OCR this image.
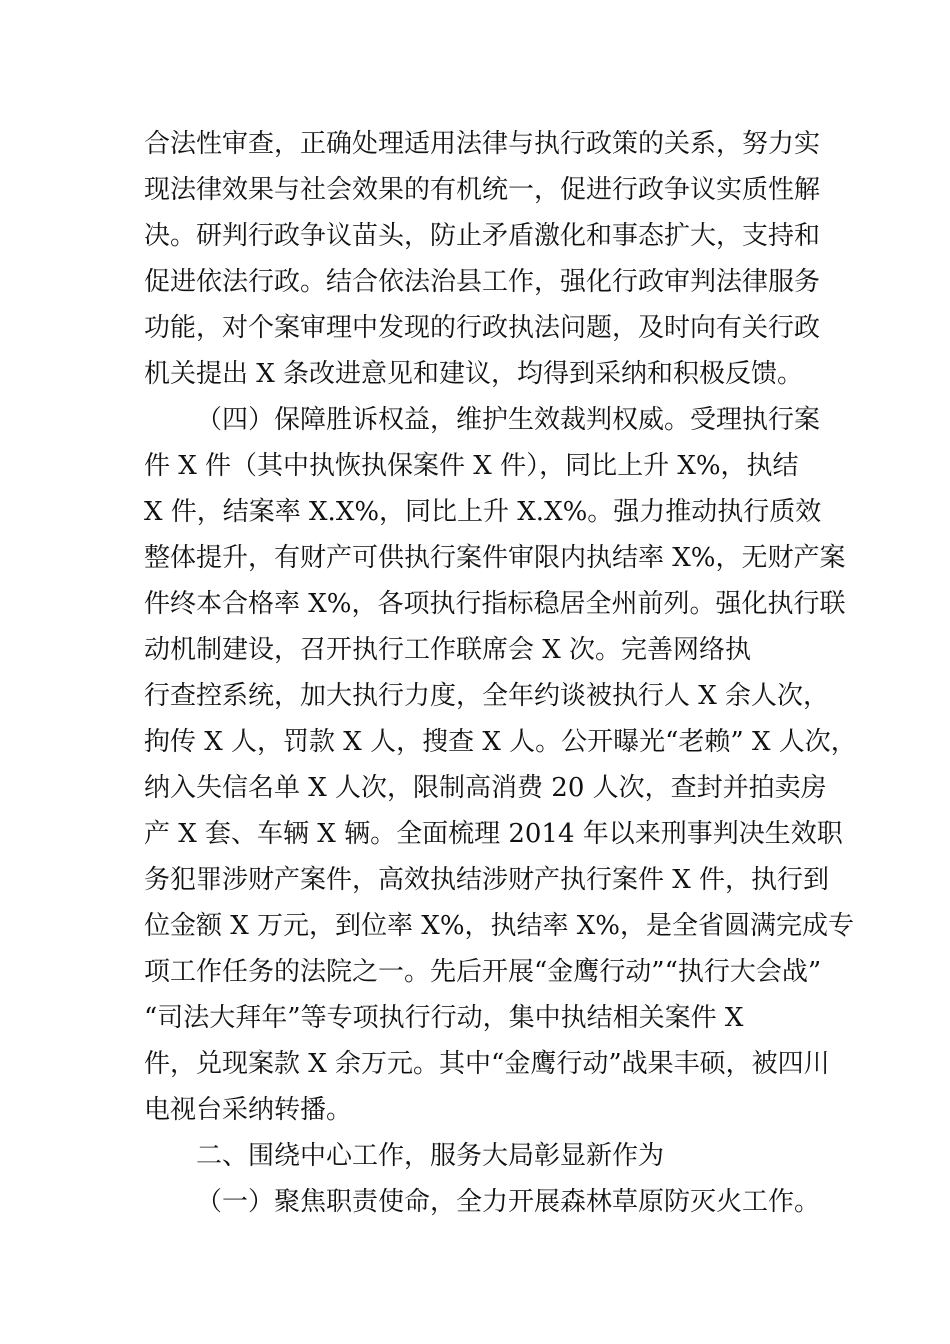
合法性审查，正确处理适用法律与执行政策的关系，努力实
现法律效果与社会效果的有机统一，促进行政争议实质性解
决。研判行政争议苗头，防止矛盾激化和事态扩大，支持和
促进依法行政。结合依法治县工作，强化行政审判法律服务
功能，对个案审理中发现的行政执法问题，及时向有关行政
机关提出 X 条改进意见和建议，均得到采纳和积极反馈。
（四）保障胜诉权益，维护生效裁判权威。受理执行案
件 X 件（其中执恢执保案件 X 件），同比上升 X%，执结
X 件，结案率 X.X%，同比上升 X.X%。强力推动执行质效
整体提升，有财产可供执行案件审限内执结率 X%，无财产案
件终本合格率 X%，各项执行指标稳居全州前列。强化执行联
动机制建设，召开执行工作联席会 X 次。完善网络执
行查控系统，加大执行力度，全年约谈被执行人 X 余人次，
拘传 X 人，罚款 X 人，搜查 X 人。公开曝光“老赖” X 人次，
纳入失信名单 X 人次，限制高消费 20 人次，查封并拍卖房
产 X 套、车辆 X 辆。全面梳理 2014 年以来刑事判决生效职
务犯罪涉财产案件，高效执结涉财产执行案件 X 件，执行到
位金额 X 万元，到位率 X%，执结率 X%，是全省圆满完成专
项工作任务的法院之一。先后开展“金鹰行动”“执行大会战”
“司法大拜年”等专项执行行动，集中执结相关案件 X
件，兑现案款 X 余万元。其中“金鹰行动”战果丰硕，被四川
电视台采纳转播。
二、围绕中心工作，服务大局彰显新作为
（一）聚焦职责使命，全力开展森林草原防灭火工作。
